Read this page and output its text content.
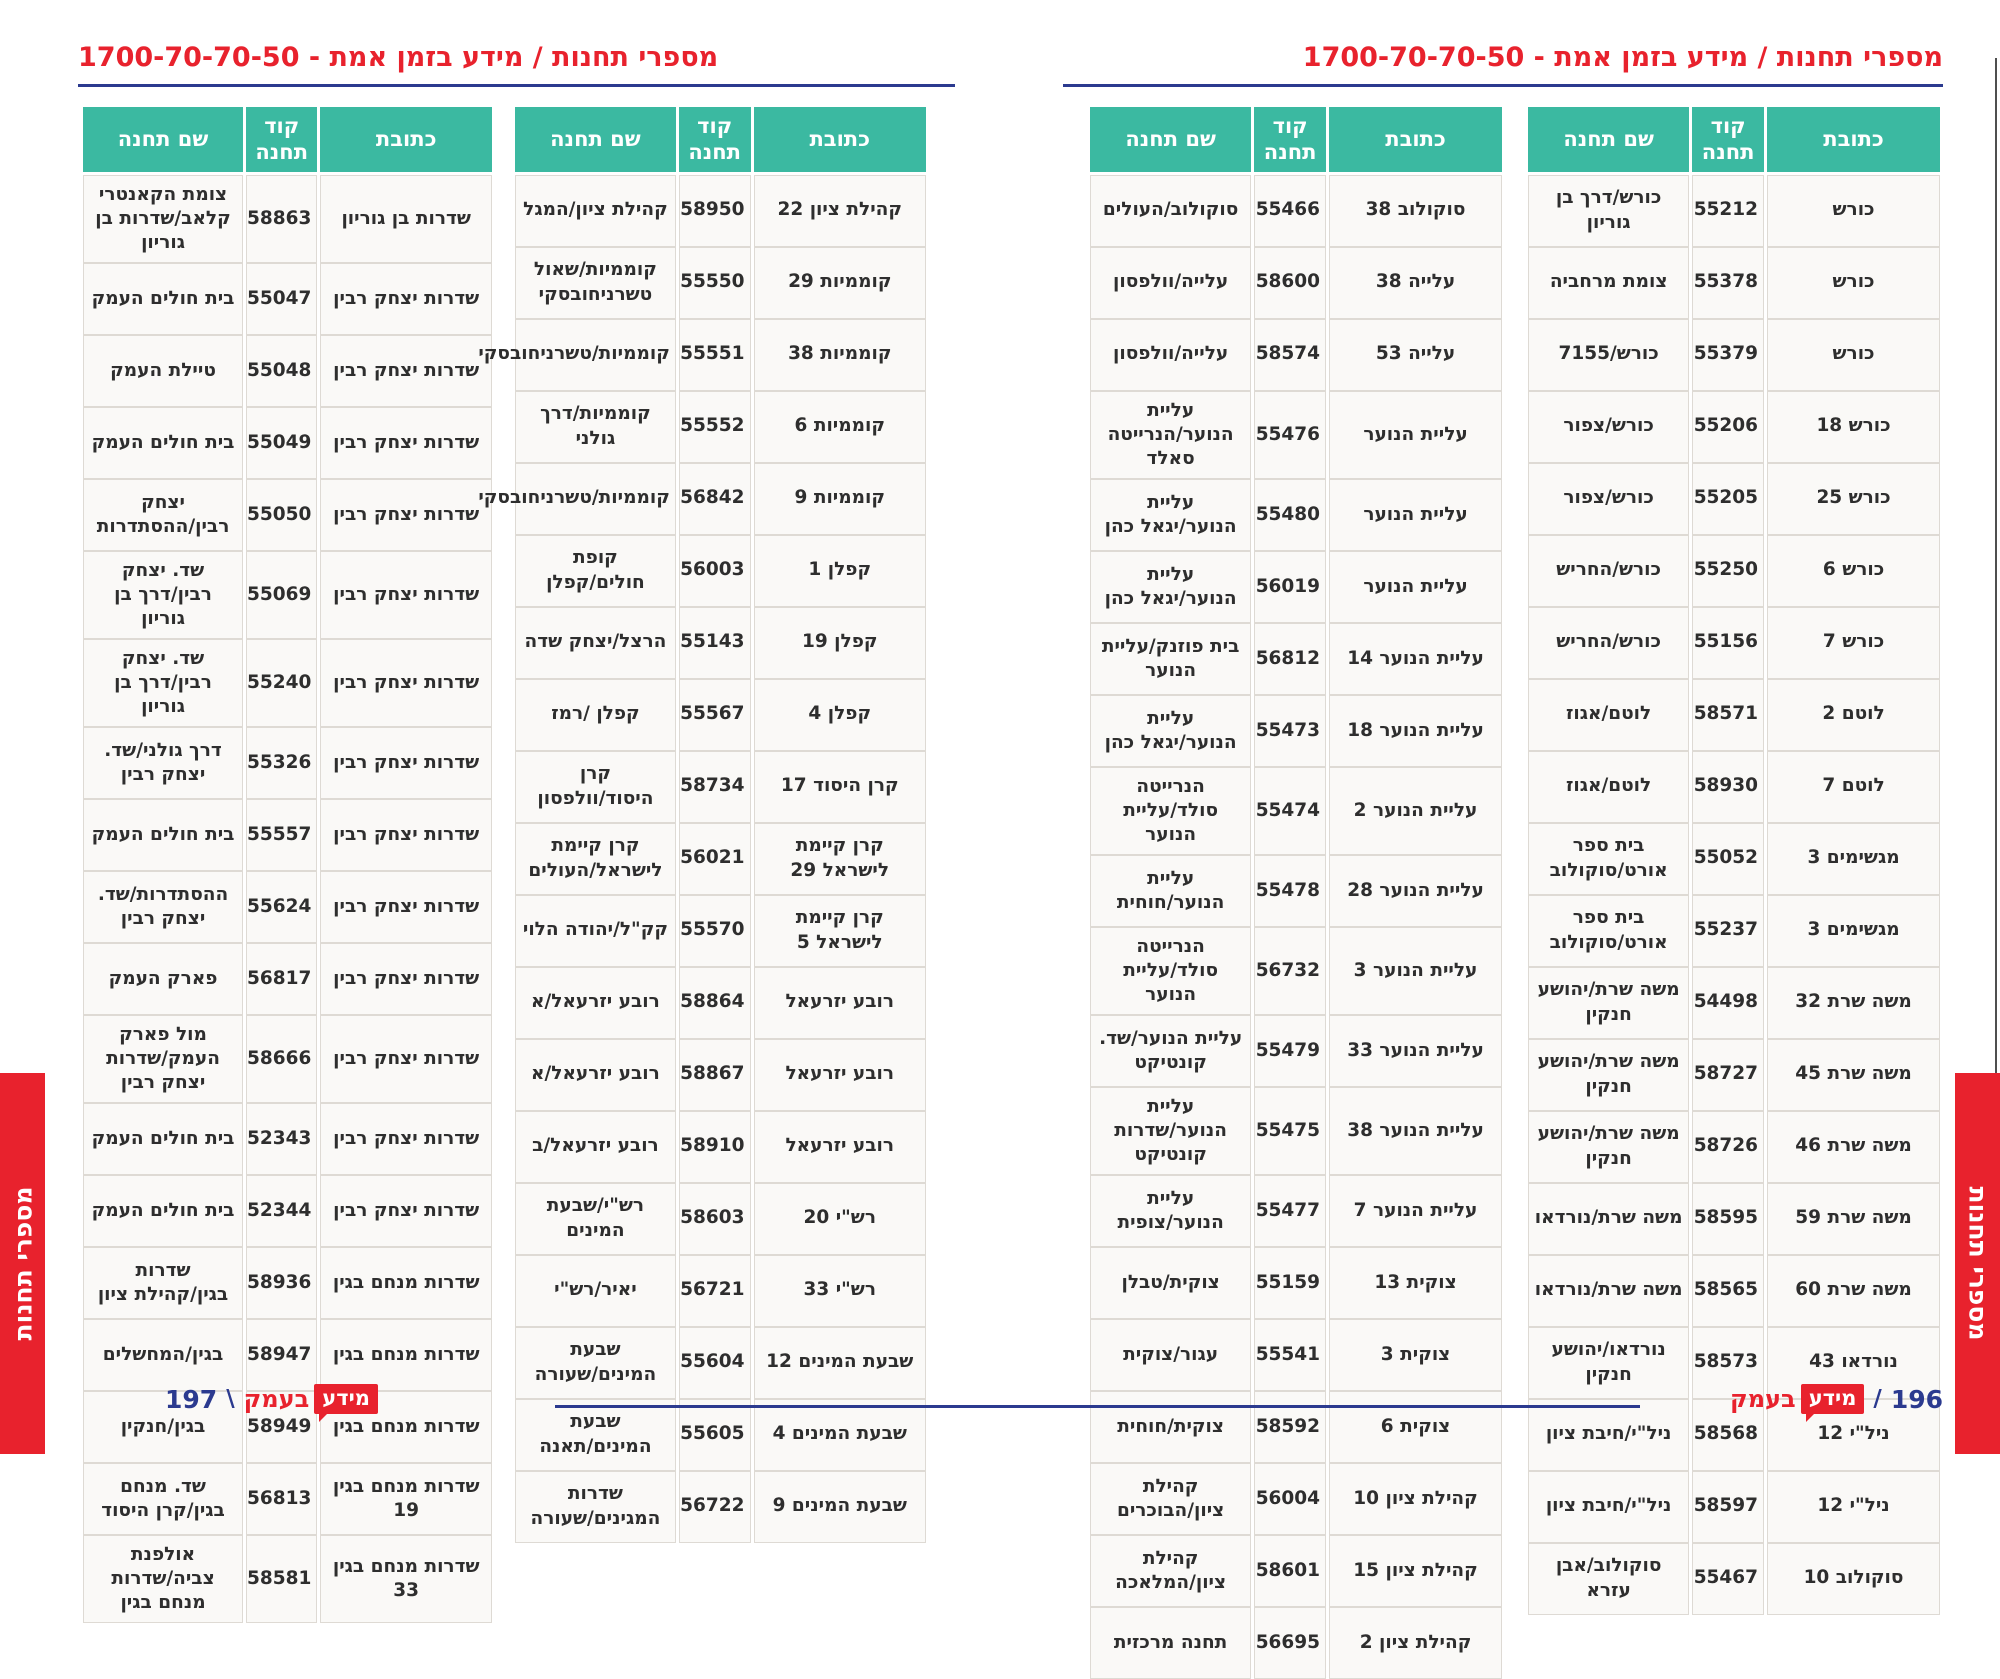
מספרי תחנות / מידע בזמן אמת - 1700-70-70-50
מספרי תחנות / מידע בזמן אמת - 1700-70-70-50
שם תחנה	קוד תחנה	כתובת
צומת הקאנטרי קלאב/שדרות בן גוריון	58863	שדרות בן גוריון
בית חולים העמק	55047	שדרות יצחק רבין
טיילת העמק	55048	שדרות יצחק רבין
בית חולים העמק	55049	שדרות יצחק רבין
יצחק רבין/ההסתדרות	55050	שדרות יצחק רבין
שד. יצחק רבין/דרך בן גוריון	55069	שדרות יצחק רבין
שד. יצחק רבין/דרך בן גוריון	55240	שדרות יצחק רבין
דרך גולני/שד. יצחק רבין	55326	שדרות יצחק רבין
בית חולים העמק	55557	שדרות יצחק רבין
ההסתדרות/שד. יצחק רבין	55624	שדרות יצחק רבין
פארק העמק	56817	שדרות יצחק רבין
מול פארק העמק/שדרות יצחק רבין	58666	שדרות יצחק רבין
בית חולים העמק	52343	שדרות יצחק רבין
בית חולים העמק	52344	שדרות יצחק רבין
שדרות בגין/קהילת ציון	58936	שדרות מנחם בגין
בגין/המחשלים	58947	שדרות מנחם בגין
בגין/חנקין	58949	שדרות מנחם בגין
שד. מנחם בגין/קרן היסוד	56813	שדרות מנחם בגין 19
אולפנת צביה/שדרות מנחם בגין	58581	שדרות מנחם בגין 33
שם תחנה	קוד תחנה	כתובת
קהילת ציון/המגל	58950	קהילת ציון 22
קוממיות/שאול טשרניחובסקי	55550	קוממיות 29
קוממיות/טשרניחובסקי	55551	קוממיות 38
קוממיות/דרך גולני	55552	קוממיות 6
קוממיות/טשרניחובסקי	56842	קוממיות 9
קופת חולים/קפלן	56003	קפלן 1
הרצל/יצחק שדה	55143	קפלן 19
קפלן /רמז	55567	קפלן 4
קרן היסוד/וולפסון	58734	קרן היסוד 17
קרן קיימת לישראל/העולים	56021	קרן קיימת לישראל 29
קק"ל/יהודה הלוי	55570	קרן קיימת לישראל 5
רובע יזרעאל/א	58864	רובע יזרעאל
רובע יזרעאל/א	58867	רובע יזרעאל
רובע יזרעאל/ב	58910	רובע יזרעאל
רש"י/שבעת המינים	58603	רש"י 20
יאיר/רש"י	56721	רש"י 33
שבעת המינים/שעורה	55604	שבעת המינים 12
שבעת המינים/תאנה	55605	שבעת המינים 4
שדרות המגינים/שעורה	56722	שבעת המינים 9
שם תחנה	קוד תחנה	כתובת
סוקולוב/העולים	55466	סוקולוב 38
עלייה/וולפסון	58600	עלייה 38
עלייה/וולפסון	58574	עלייה 53
עליית הנוער/הנרייטה סאלד	55476	עליית הנוער
עליית הנוער/יגאל כהן	55480	עליית הנוער
עליית הנוער/יגאל כהן	56019	עליית הנוער
בית פוזנק/עליית הנוער	56812	עליית הנוער 14
עליית הנוער/יגאל כהן	55473	עליית הנוער 18
הנרייטה סולד/עליית הנוער	55474	עליית הנוער 2
עליית הנוער/חוחית	55478	עליית הנוער 28
הנרייטה סולד/עליית הנוער	56732	עליית הנוער 3
עליית הנוער/שד. קונטיקט	55479	עליית הנוער 33
עליית הנוער/שדרות קונטיקט	55475	עליית הנוער 38
עליית הנוער/צופית	55477	עליית הנוער 7
צוקית/טבלן	55159	צוקית 13
עגור/צוקית	55541	צוקית 3
צוקית/חוחית	58592	צוקית 6
קהילת ציון/הבוכרים	56004	קהילת ציון 10
קהילת ציון/המלאכה	58601	קהילת ציון 15
תחנה מרכזית	56695	קהילת ציון 2
שם תחנה	קוד תחנה	כתובת
כורש/דרך בן גוריון	55212	כורש
צומת מרחביה	55378	כורש
כורש/7155	55379	כורש
כורש/צפור	55206	כורש 18
כורש/צפור	55205	כורש 25
כורש/החריש	55250	כורש 6
כורש/החריש	55156	כורש 7
לוטם/אגוז	58571	לוטם 2
לוטם/אגוז	58930	לוטם 7
בית ספר אורט/סוקולוב	55052	מגשימים 3
בית ספר אורט/סוקולוב	55237	מגשימים 3
משה שרת/יהושע חנקין	54498	משה שרת 32
משה שרת/יהושע חנקין	58727	משה שרת 45
משה שרת/יהושע חנקין	58726	משה שרת 46
משה שרת/נורדאו	58595	משה שרת 59
משה שרת/נורדאו	58565	משה שרת 60
נורדאו/יהושע חנקין	58573	נורדאו 43
ניל"י/חיבת ציון	58568	ניל"י 12
ניל"י/חיבת ציון	58597	ניל"י 12
סוקולוב/אבן עזרא	55467	סוקולוב 10
197 \ בעמק מידע	בעמק מידע / 196
מספרי תחנות	מספרי תחנות
